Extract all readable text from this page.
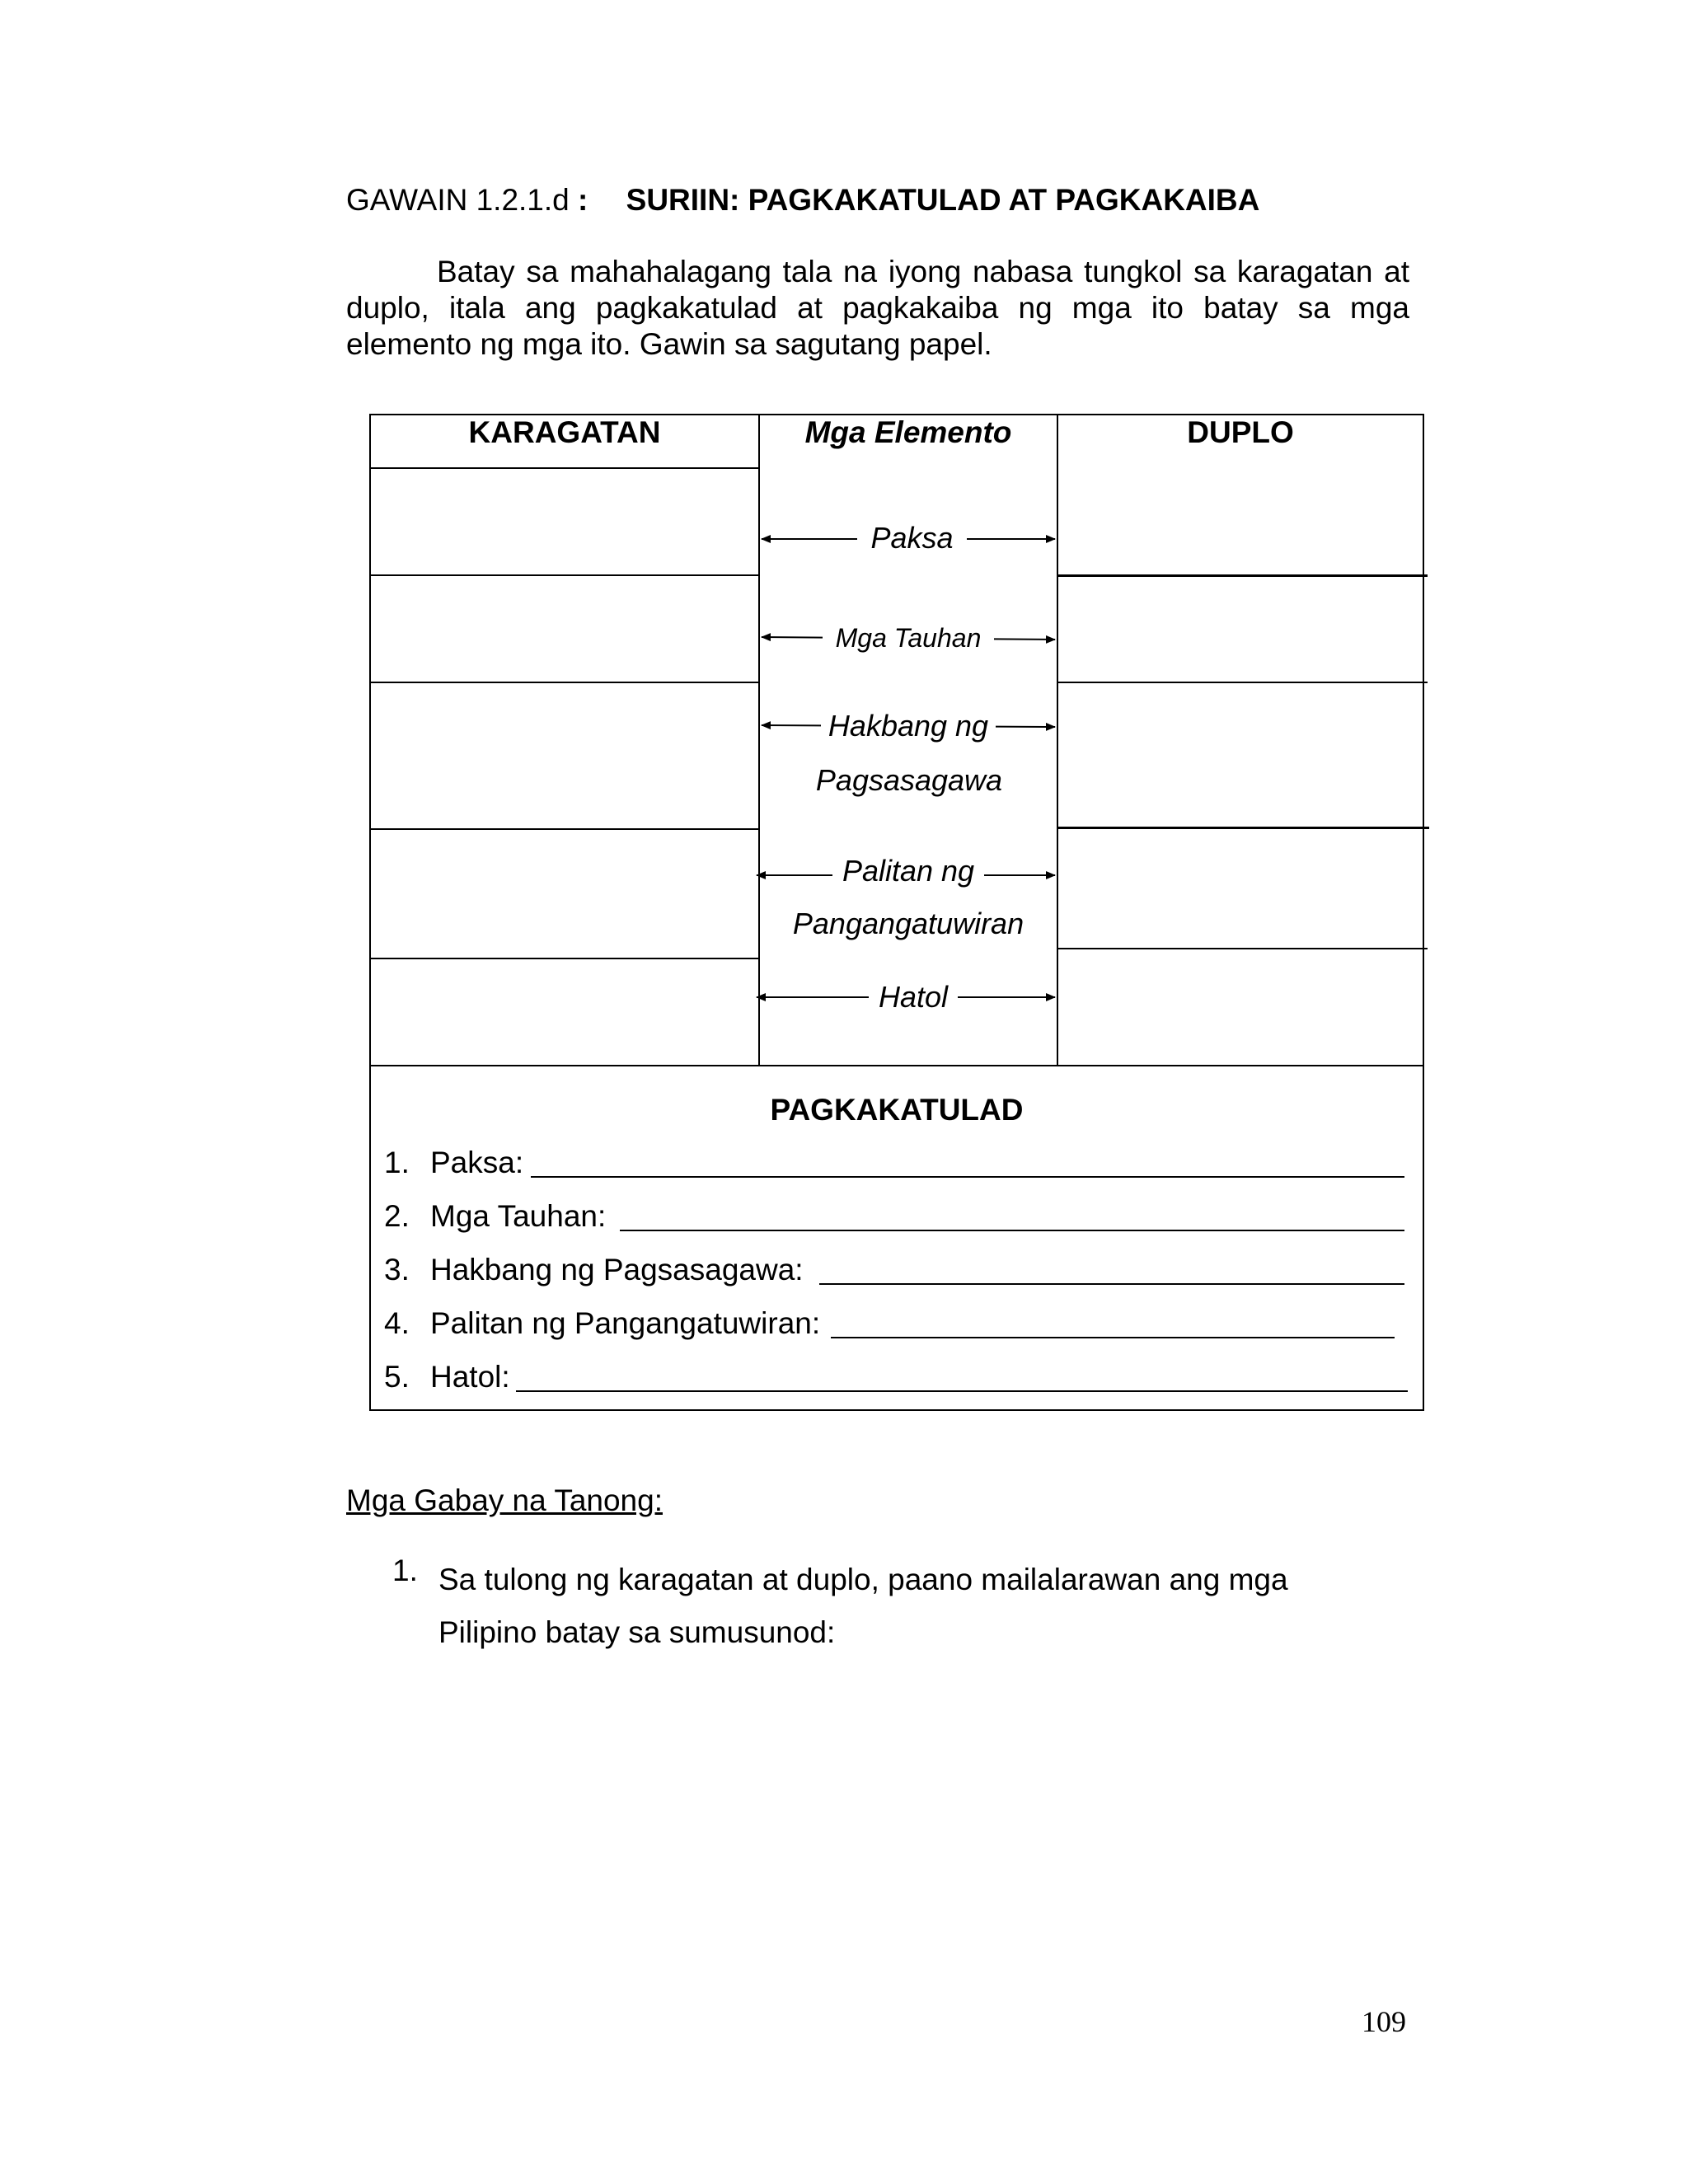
GAWAIN 1.2.1.d : SURIIN: PAGKAKATULAD AT PAGKAKAIBA
Batay sa mahahalagang tala na iyong nabasa tungkol sa karagatan at duplo, itala ang pagkakatulad at pagkakaiba ng mga ito batay sa mga elemento ng mga ito. Gawin sa sagutang papel.
KARAGATAN	Mga Elemento	DUPLO
Paksa
Mga Tauhan
Hakbang ng
Pagsasagawa
Palitan ng
Pangangatuwiran
Hatol
PAGKAKATULAD
1. Paksa:
2. Mga Tauhan:
3. Hakbang ng Pagsasagawa:
4. Palitan ng Pangangatuwiran:
5. Hatol:
Mga Gabay na Tanong:
1. Sa tulong ng karagatan at duplo, paano mailalarawan ang mga Pilipino batay sa sumusunod:
109
